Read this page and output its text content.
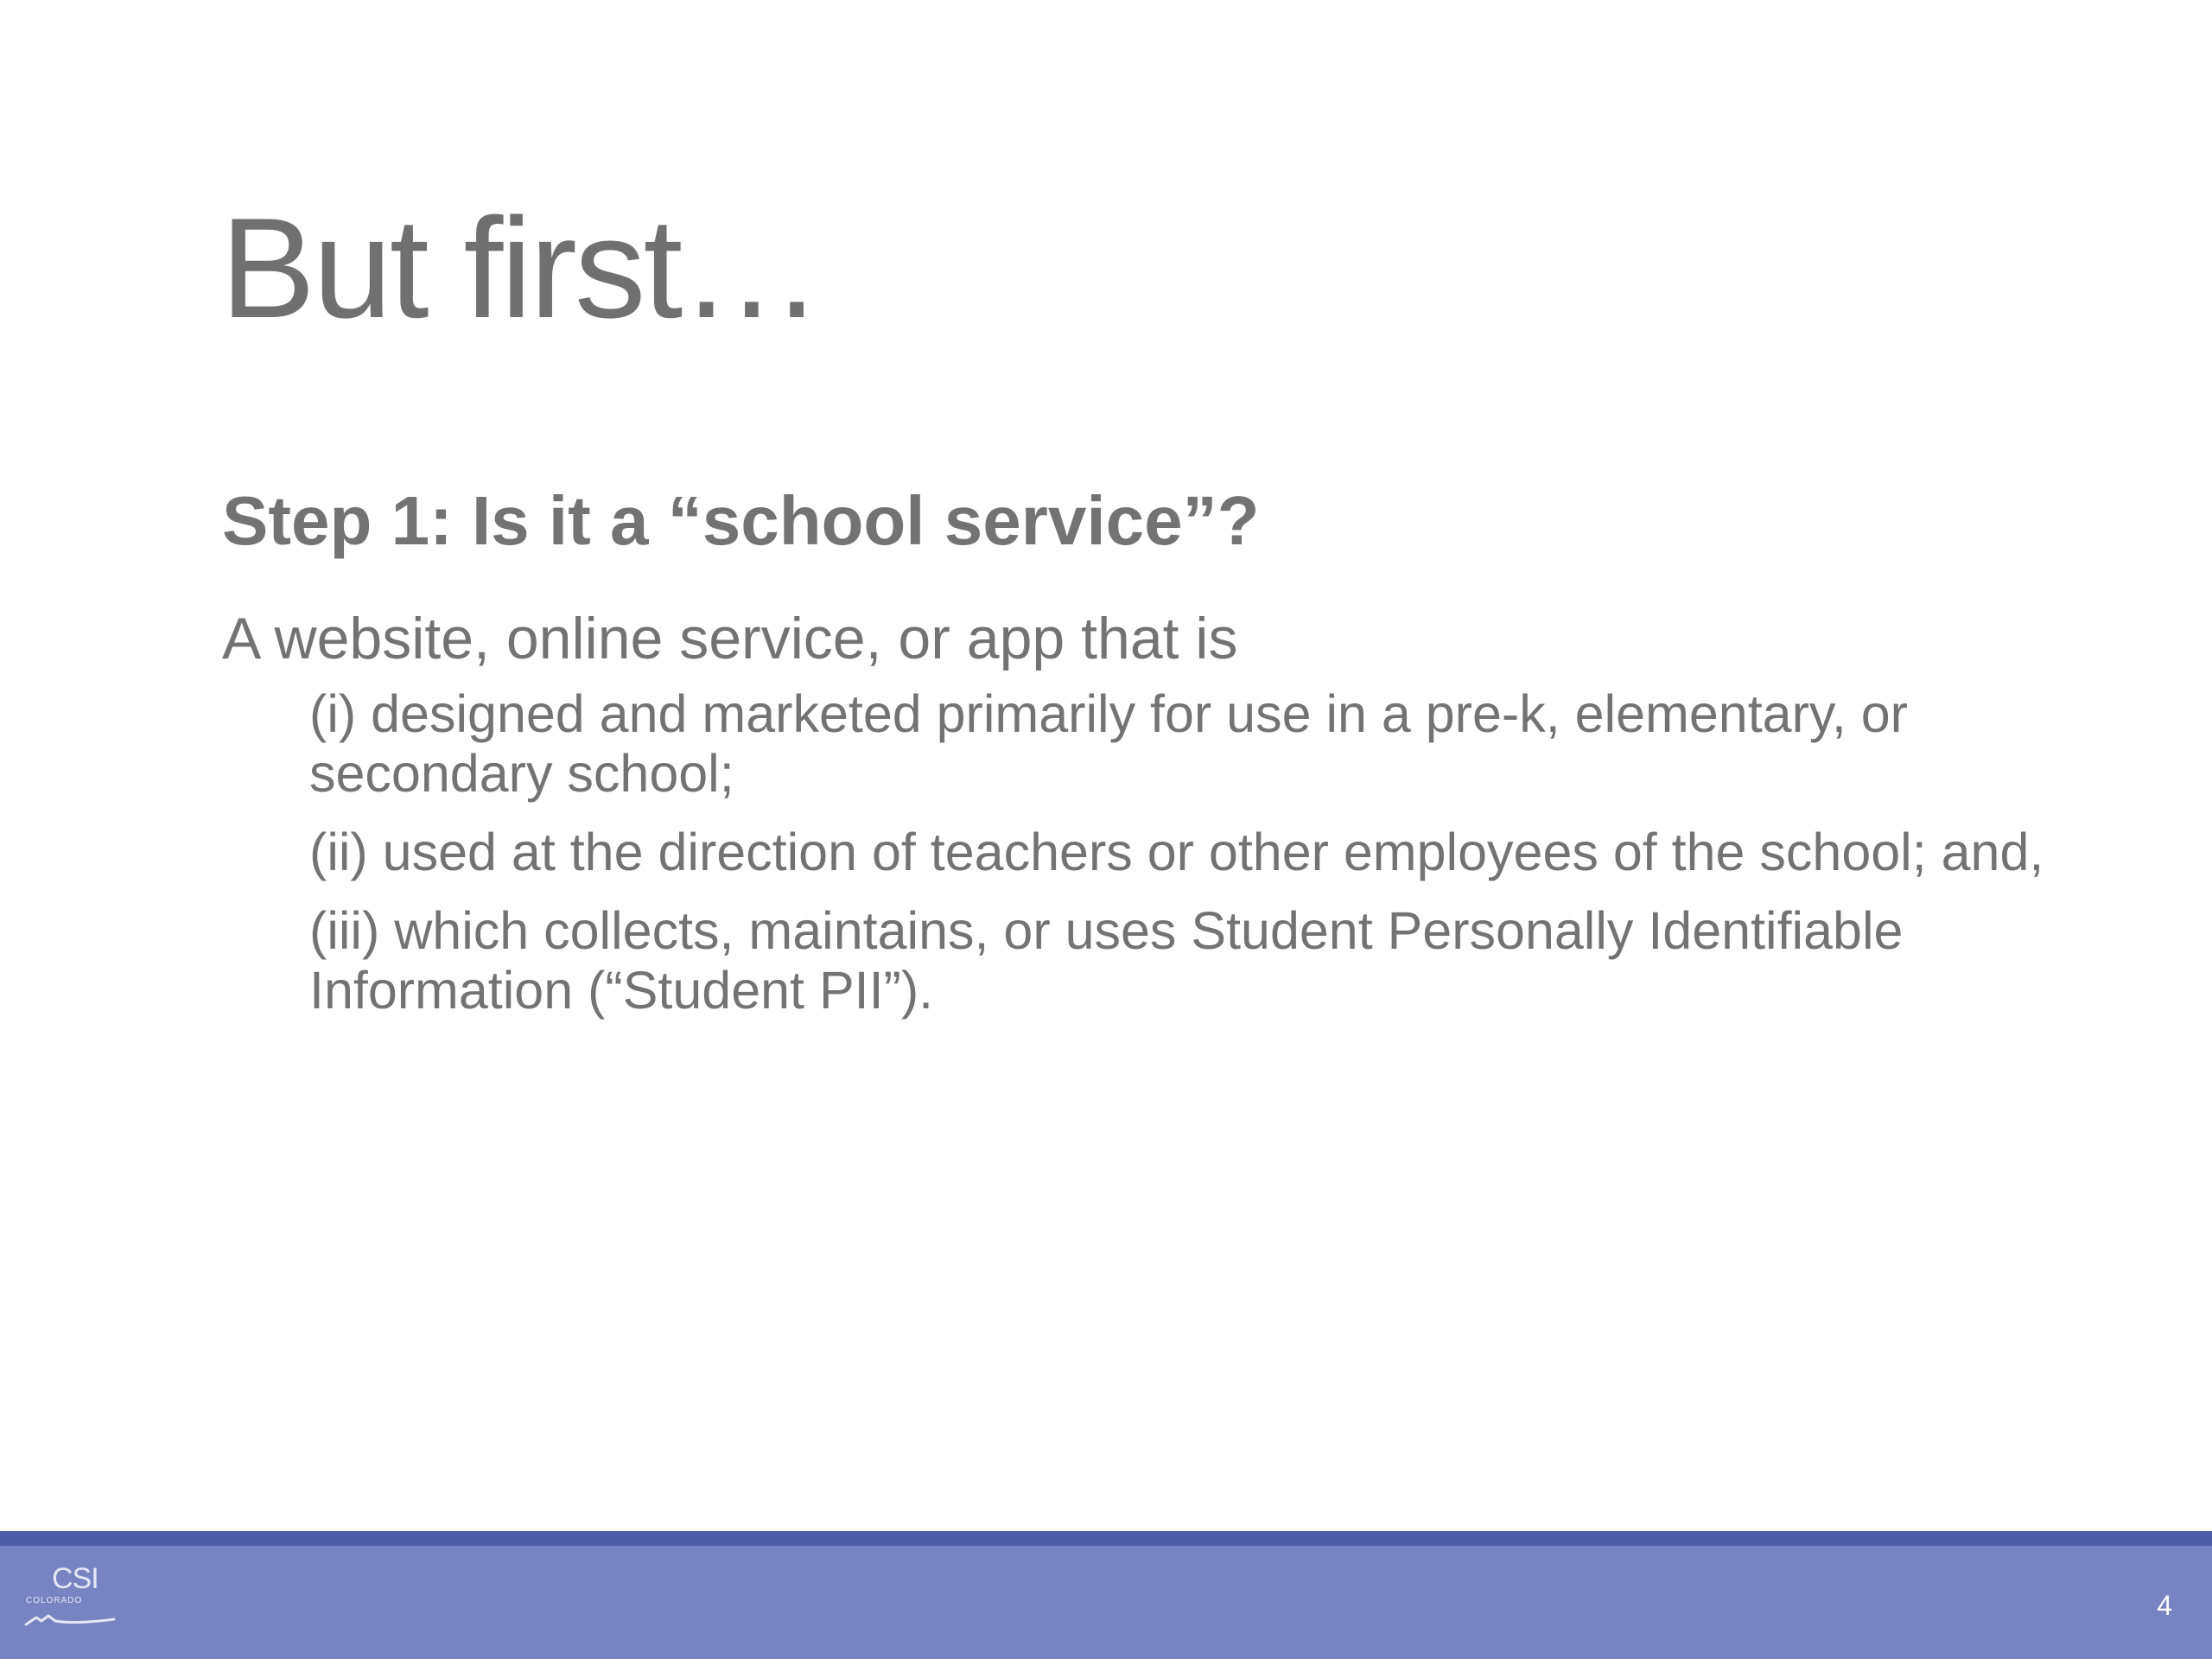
But first…
Step 1: Is it a “school service”?
A website, online service, or app that is
(i) designed and marketed primarily for use in a pre-k, elementary, or secondary school;
(ii) used at the direction of teachers or other employees of the school; and,
(iii) which collects, maintains, or uses Student Personally Identifiable Information (“Student PII”).
CSI
COLORADO	4
